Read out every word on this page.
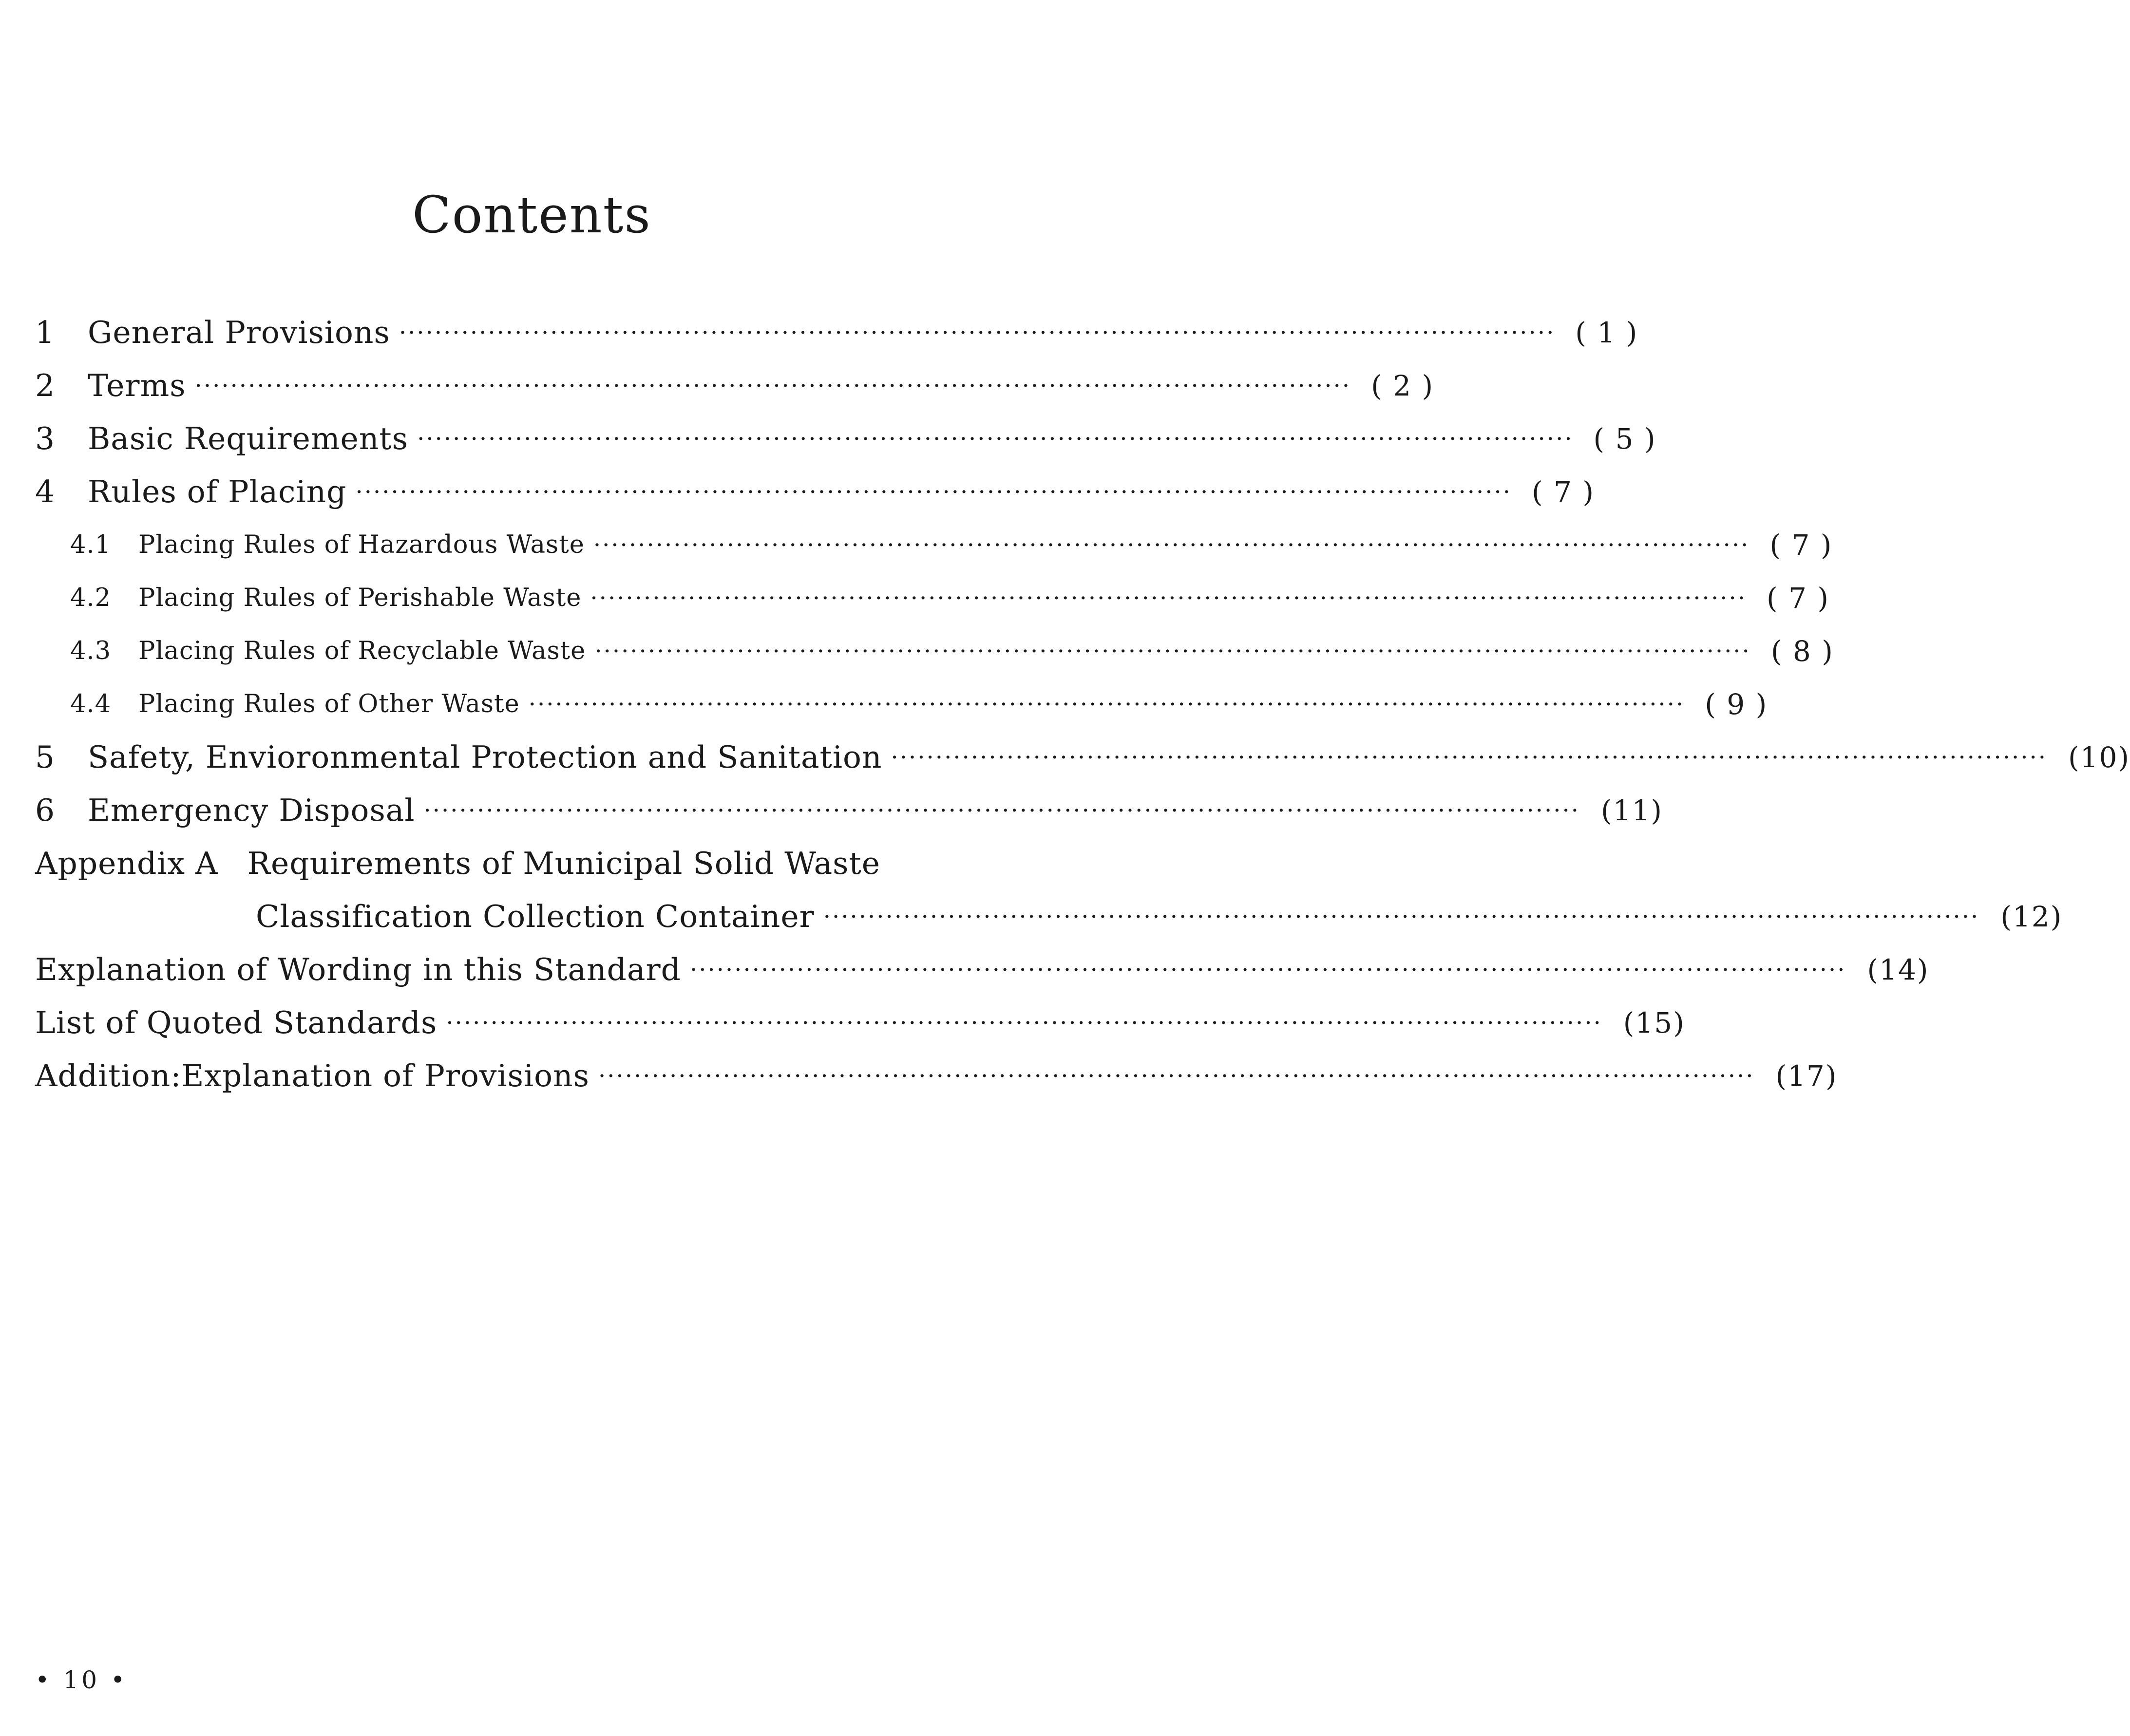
Contents
1	General Provisions ·································································································································· ( 1 )
2	Terms ·································································································································· ( 2 )
3	Basic Requirements ·································································································································· ( 5 )
4	Rules of Placing ·································································································································· ( 7 )
4.1	Placing Rules of Hazardous Waste ·································································································································· ( 7 )
4.2	Placing Rules of Perishable Waste ·································································································································· ( 7 )
4.3	Placing Rules of Recyclable Waste ·································································································································· ( 8 )
4.4	Placing Rules of Other Waste ·································································································································· ( 9 )
5	Safety, Envioronmental Protection and Sanitation ·································································································································· (10)
6	Emergency Disposal ·································································································································· (11)
Appendix A Requirements of Municipal Solid Waste
Classification Collection Container ·································································································································· (12)
Explanation of Wording in this Standard ·································································································································· (14)
List of Quoted Standards ·································································································································· (15)
Addition:Explanation of Provisions ·································································································································· (17)
• 10 •
